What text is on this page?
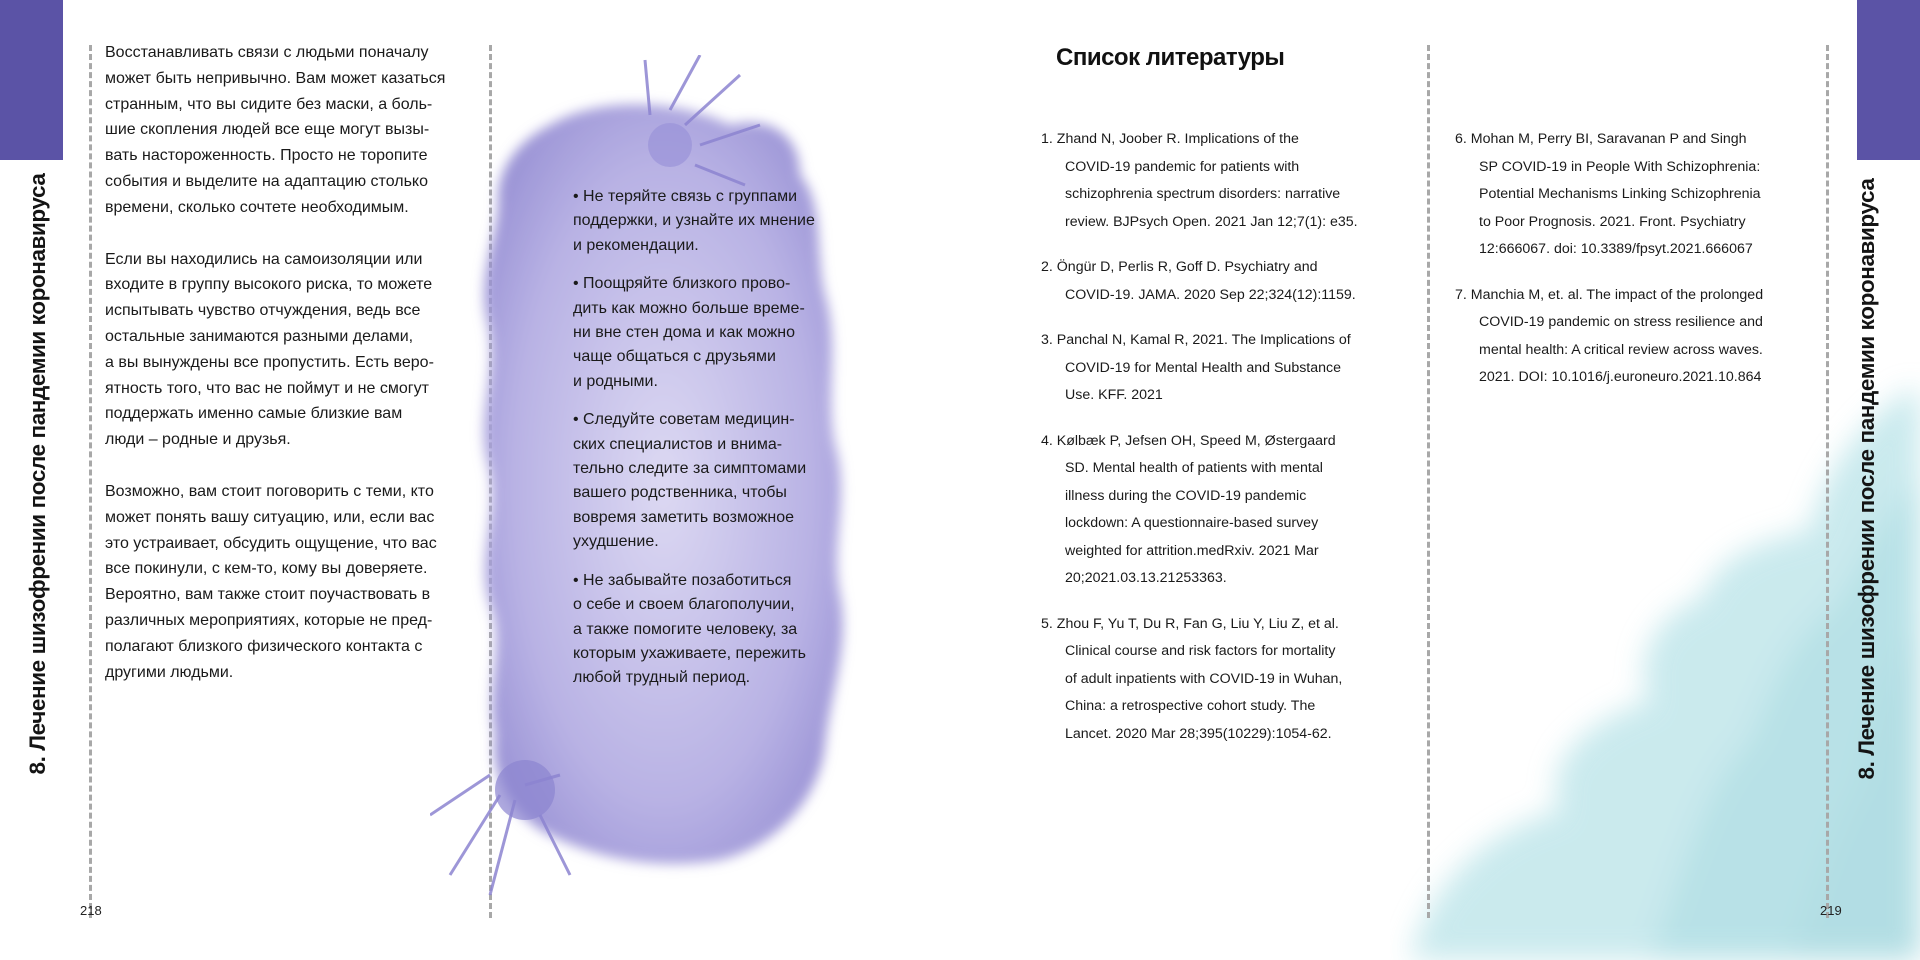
8. Лечение шизофрении после пандемии коронавируса	8. Лечение шизофрении после пандемии коронавируса
218	219

Восстанавливать связи с людьми поначалу
может быть непривычно. Вам может казаться
странным, что вы сидите без маски, а боль-
шие скопления людей все еще могут вызы-
вать настороженность. Просто не торопите
события и выделите на адаптацию столько
времени, сколько сочтете необходимым.

Если вы находились на самоизоляции или
входите в группу высокого риска, то можете
испытывать чувство отчуждения, ведь все
остальные занимаются разными делами,
а вы вынуждены все пропустить. Есть веро-
ятность того, что вас не поймут и не смогут
поддержать именно самые близкие вам
люди – родные и друзья.

Возможно, вам стоит поговорить с теми, кто
может понять вашу ситуацию, или, если вас
это устраивает, обсудить ощущение, что вас
все покинули, с кем-то, кому вы доверяете.
Вероятно, вам также стоит поучаствовать в
различных мероприятиях, которые не пред-
полагают близкого физического контакта с
другими людьми.

• Не теряйте связь с группами
поддержки, и узнайте их мнение
и рекомендации.
• Поощряйте близкого прово-
дить как можно больше време-
ни вне стен дома и как можно
чаще общаться с друзьями
и родными.
• Следуйте советам медицин-
ских специалистов и внима-
тельно следите за симптомами
вашего родственника, чтобы
вовремя заметить возможное
ухудшение.
• Не забывайте позаботиться
о себе и своем благополучии,
а также помогите человеку, за
которым ухаживаете, пережить
любой трудный период.
Список литературы
1. Zhand N, Joober R. Implications of the
COVID-19 pandemic for patients with
schizophrenia spectrum disorders: narrative
review. BJPsych Open. 2021 Jan 12;7(1): e35.
2. Öngür D, Perlis R, Goff D. Psychiatry and
COVID-19. JAMA. 2020 Sep 22;324(12):1159.
3. Panchal N, Kamal R, 2021. The Implications of
COVID-19 for Mental Health and Substance
Use. KFF. 2021
4. Kølbæk P, Jefsen OH, Speed M, Østergaard
SD. Mental health of patients with mental
illness during the COVID-19 pandemic
lockdown: A questionnaire-based survey
weighted for attrition.medRxiv. 2021 Mar
20;2021.03.13.21253363.
5. Zhou F, Yu T, Du R, Fan G, Liu Y, Liu Z, et al.
Clinical course and risk factors for mortality
of adult inpatients with COVID-19 in Wuhan,
China: a retrospective cohort study. The
Lancet. 2020 Mar 28;395(10229):1054-62.
6. Mohan M, Perry BI, Saravanan P and Singh
SP COVID-19 in People With Schizophrenia:
Potential Mechanisms Linking Schizophrenia
to Poor Prognosis. 2021. Front. Psychiatry
12:666067. doi: 10.3389/fpsyt.2021.666067
7. Manchia M, et. al. The impact of the prolonged
COVID-19 pandemic on stress resilience and
mental health: A critical review across waves.
2021. DOI: 10.1016/j.euroneuro.2021.10.864
